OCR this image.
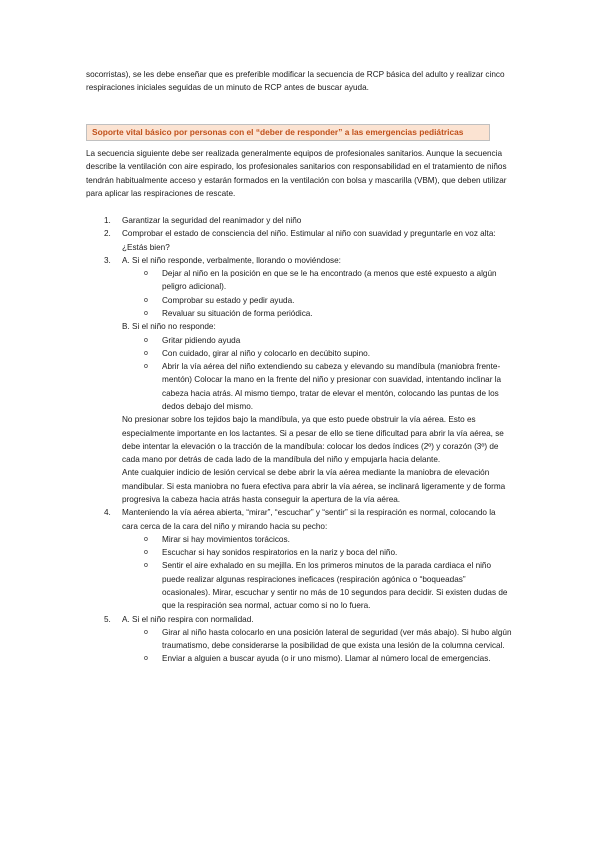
socorristas), se les debe enseñar que es preferible modificar la secuencia de RCP básica del adulto y realizar cinco respiraciones iniciales seguidas de un minuto de RCP antes de buscar ayuda.

Soporte vital básico por personas con el “deber de responder” a las emergencias pediátricas

La secuencia siguiente debe ser realizada generalmente equipos de profesionales sanitarios. Aunque la secuencia describe la ventilación con aire espirado, los profesionales sanitarios con responsabilidad en el tratamiento de niños tendrán habitualmente acceso y estarán formados en la ventilación con bolsa y mascarilla (VBM), que deben utilizar para aplicar las respiraciones de rescate.

1.	Garantizar la seguridad del reanimador y del niño
2.	Comprobar el estado de consciencia del niño. Estimular al niño con suavidad y preguntarle en voz alta: ¿Estás bien?
3.	A. Si el niño responde, verbalmente, llorando o moviéndose:
o	Dejar al niño en la posición en que se le ha encontrado (a menos que esté expuesto a algún peligro adicional).
o	Comprobar su estado y pedir ayuda.
o	Revaluar su situación de forma periódica.
B. Si el niño no responde:
o	Gritar pidiendo ayuda
o	Con cuidado, girar al niño y colocarlo en decúbito supino.
o	Abrir la vía aérea del niño extendiendo su cabeza y elevando su mandíbula (maniobra frente-mentón) Colocar la mano en la frente del niño y presionar con suavidad, intentando inclinar la cabeza hacia atrás. Al mismo tiempo, tratar de elevar el mentón, colocando las puntas de los dedos debajo del mismo.

No presionar sobre los tejidos bajo la mandíbula, ya que esto puede obstruir la vía aérea. Esto es especialmente importante en los lactantes. Si a pesar de ello se tiene dificultad para abrir la vía aérea, se debe intentar la elevación o la tracción de la mandíbula: colocar los dedos índices (2º) y corazón (3º) de cada mano por detrás de cada lado de la mandíbula del niño y empujarla hacia delante.

Ante cualquier indicio de lesión cervical se debe abrir la vía aérea mediante la maniobra de elevación mandibular. Si esta maniobra no fuera efectiva para abrir la vía aérea, se inclinará ligeramente y de forma progresiva la cabeza hacia atrás hasta conseguir la apertura de la vía aérea.

4.	Manteniendo la vía aérea abierta, “mirar”, “escuchar” y “sentir” si la respiración es normal, colocando la cara cerca de la cara del niño y mirando hacia su pecho:
o	Mirar si hay movimientos torácicos.
o	Escuchar si hay sonidos respiratorios en la nariz y boca del niño.
o	Sentir el aire exhalado en su mejilla. En los primeros minutos de la parada cardiaca el niño puede realizar algunas respiraciones ineficaces (respiración agónica o “boqueadas” ocasionales). Mirar, escuchar y sentir no más de 10 segundos para decidir. Si existen dudas de que la respiración sea normal, actuar como si no lo fuera.
5.	A. Si el niño respira con normalidad.
o	Girar al niño hasta colocarlo en una posición lateral de seguridad (ver más abajo). Si hubo algún traumatismo, debe considerarse la posibilidad de que exista una lesión de la columna cervical.
o	Enviar a alguien a buscar ayuda (o ir uno mismo). Llamar al número local de emergencias.
